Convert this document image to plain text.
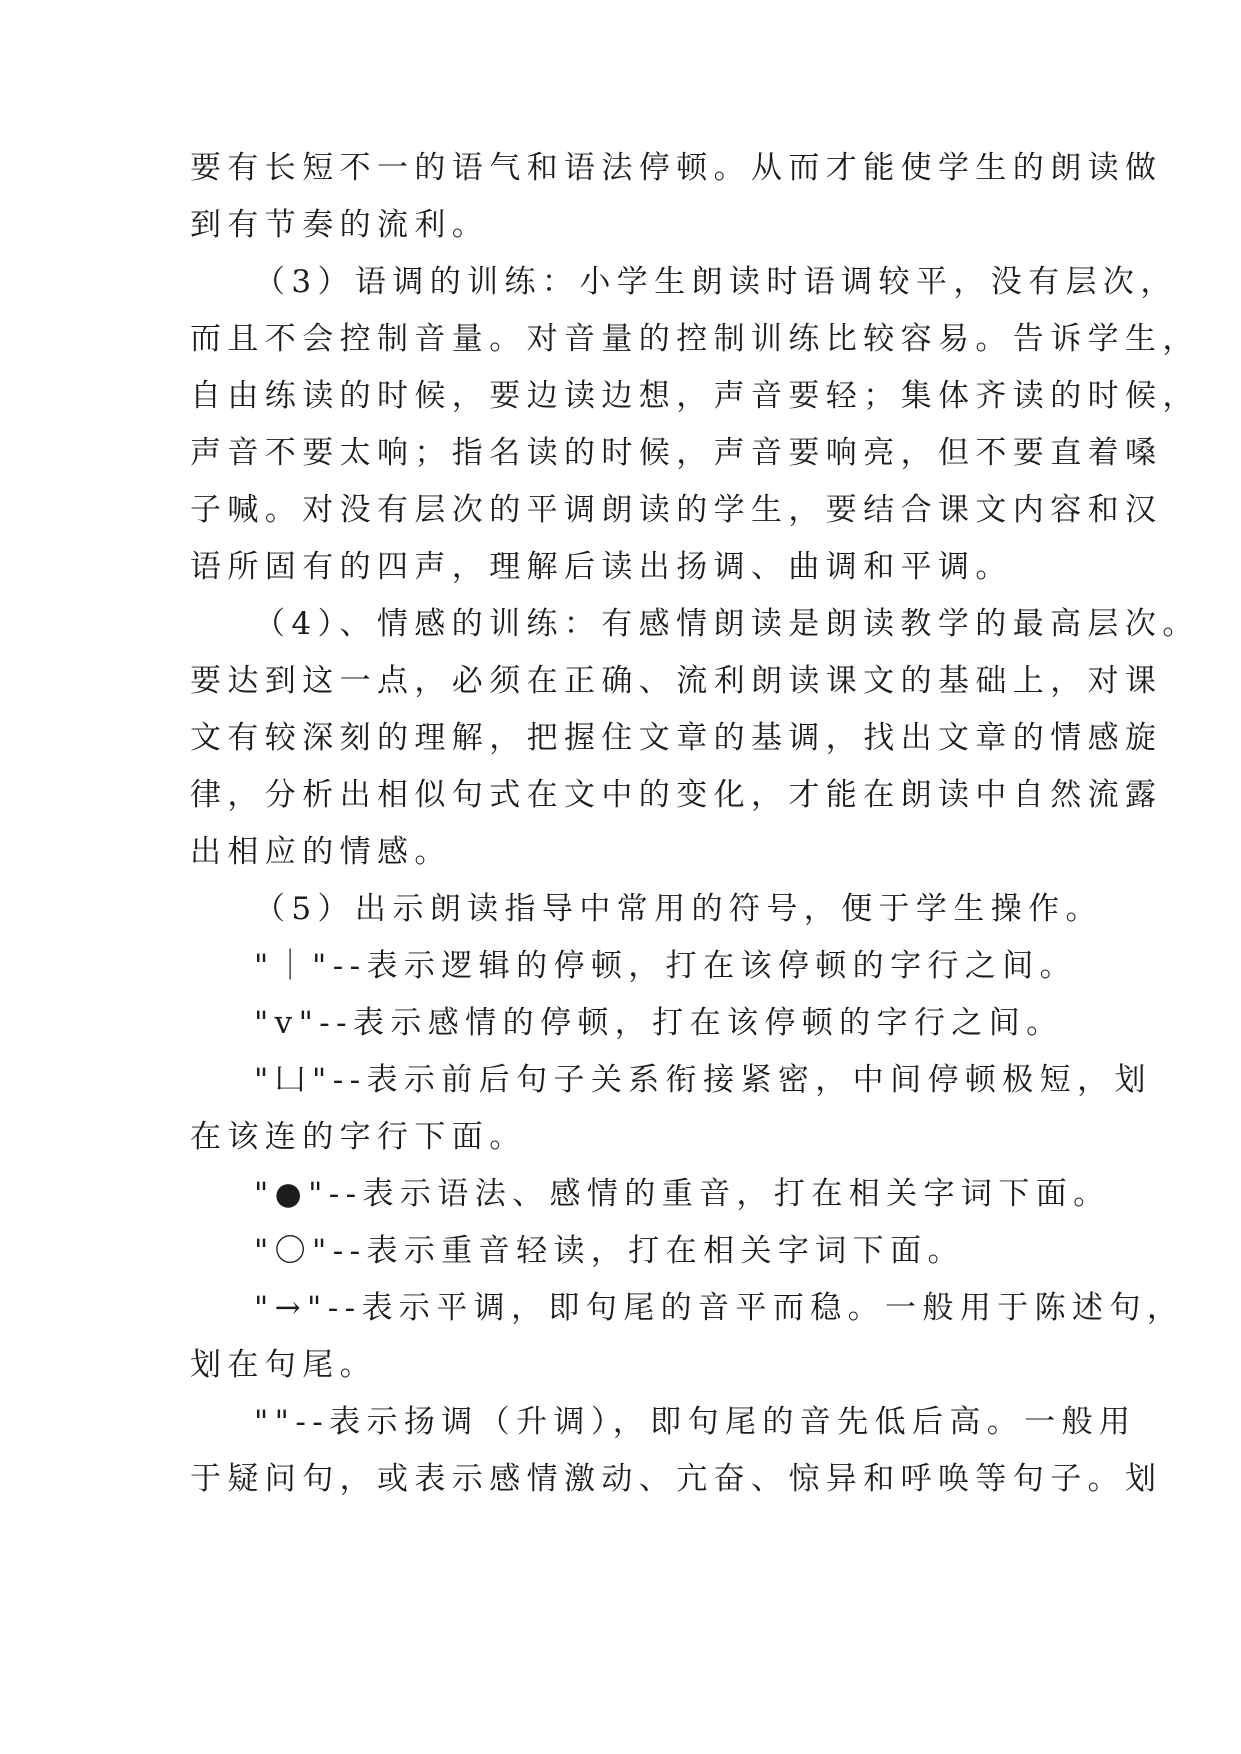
要有长短不一的语气和语法停顿。从而才能使学生的朗读做
到有节奏的流利。
（3）语调的训练：小学生朗读时语调较平，没有层次，
而且不会控制音量。对音量的控制训练比较容易。告诉学生，
自由练读的时候，要边读边想，声音要轻；集体齐读的时候，
声音不要太响；指名读的时候，声音要响亮，但不要直着嗓
子喊。对没有层次的平调朗读的学生，要结合课文内容和汉
语所固有的四声，理解后读出扬调、曲调和平调。
（4）、情感的训练：有感情朗读是朗读教学的最高层次。
要达到这一点，必须在正确、流利朗读课文的基础上，对课
文有较深刻的理解，把握住文章的基调，找出文章的情感旋
律，分析出相似句式在文中的变化，才能在朗读中自然流露
出相应的情感。
（5）出示朗读指导中常用的符号，便于学生操作。
"｜"--表示逻辑的停顿，打在该停顿的字行之间。
"v"--表示感情的停顿，打在该停顿的字行之间。
"凵"--表示前后句子关系衔接紧密，中间停顿极短，划
在该连的字行下面。
"●"--表示语法、感情的重音，打在相关字词下面。
"〇"--表示重音轻读，打在相关字词下面。
"→"--表示平调，即句尾的音平而稳。一般用于陈述句，
划在句尾。
""--表示扬调（升调），即句尾的音先低后高。一般用
于疑问句，或表示感情激动、亢奋、惊异和呼唤等句子。划
